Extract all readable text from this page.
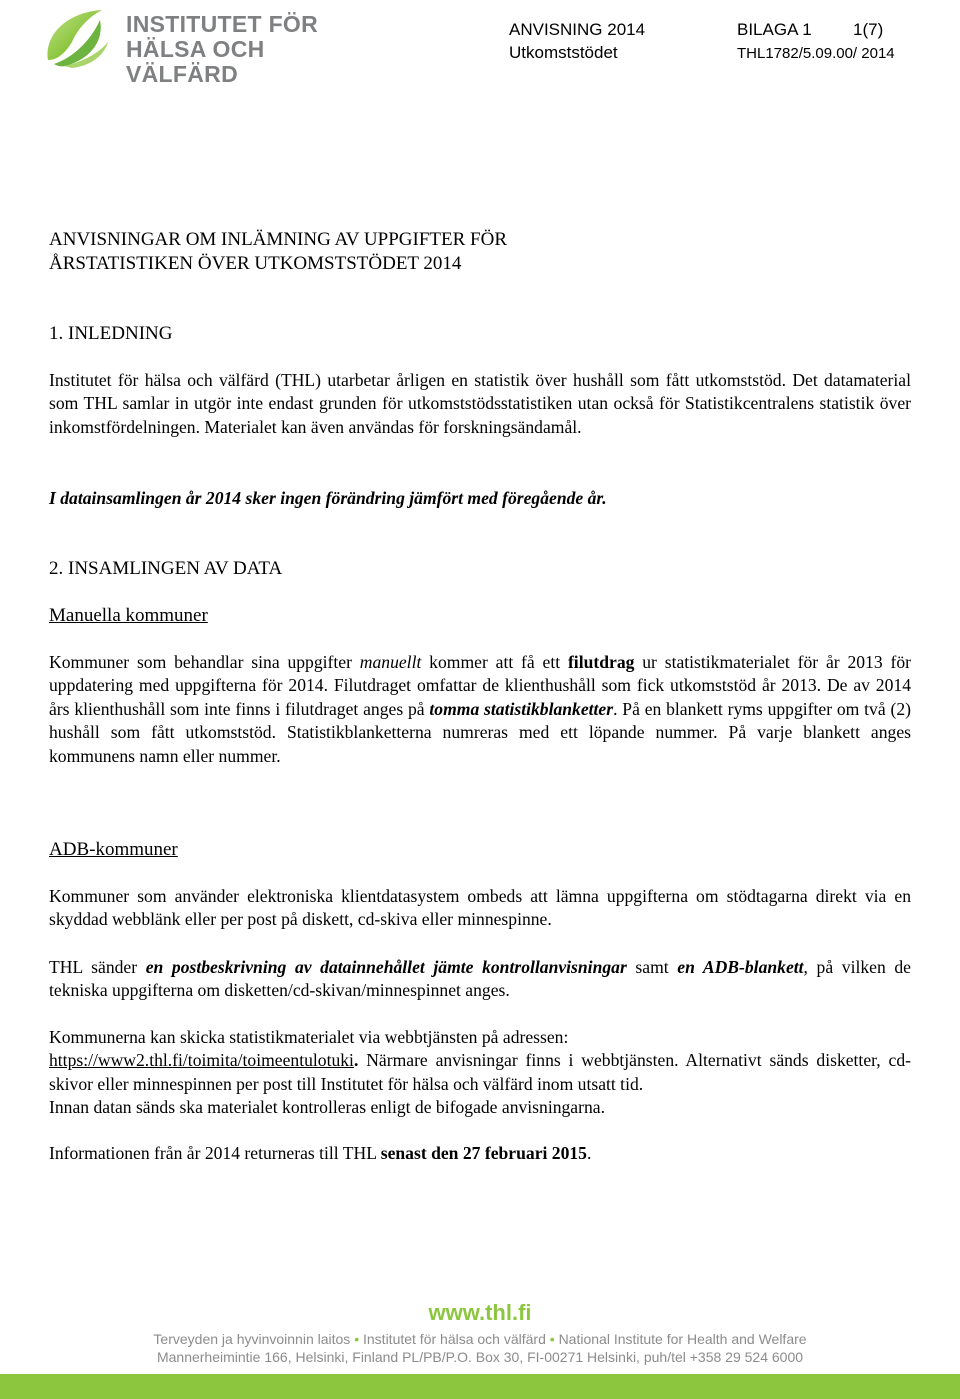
INSTITUTET FÖR
HÄLSA OCH VÄLFÄRD
ANVISNING 2014	BILAGA 1 1(7)
Utkomststödet	THL1782/5.09.00/ 2014
ANVISNINGAR OM INLÄMNING AV UPPGIFTER FÖR
ÅRSTATISTIKEN ÖVER UTKOMSTSTÖDET 2014
1. INLEDNING
Institutet för hälsa och välfärd (THL) utarbetar årligen en statistik över hushåll som fått utkomststöd. Det datamaterial som THL samlar in utgör inte endast grunden för utkomststödsstatistiken utan också för Statistikcentralens statistik över inkomstfördelningen. Materialet kan även användas för forskningsändamål.
I datainsamlingen år 2014 sker ingen förändring jämfört med föregående år.
2. INSAMLINGEN AV DATA
Manuella kommuner
Kommuner som behandlar sina uppgifter manuellt kommer att få ett filutdrag ur statistikmaterialet för år 2013 för uppdatering med uppgifterna för 2014. Filutdraget omfattar de klienthushåll som fick utkomststöd år 2013. De av 2014 års klienthushåll som inte finns i filutdraget anges på tomma statistikblanketter. På en blankett ryms uppgifter om två (2) hushåll som fått utkomststöd. Statistikblanketterna numreras med ett löpande nummer. På varje blankett anges kommunens namn eller nummer.
ADB-kommuner
Kommuner som använder elektroniska klientdatasystem ombeds att lämna uppgifterna om stödtagarna direkt via en skyddad webblänk eller per post på diskett, cd-skiva eller minnespinne.
THL sänder en postbeskrivning av datainnehållet jämte kontrollanvisningar samt en ADB-blankett, på vilken de tekniska uppgifterna om disketten/cd-skivan/minnespinnet anges.
Kommunerna kan skicka statistikmaterialet via webbtjänsten på adressen:
https://www2.thl.fi/toimita/toimeentulotuki. Närmare anvisningar finns i webbtjänsten. Alternativt sänds disketter, cd-skivor eller minnespinnen per post till Institutet för hälsa och välfärd inom utsatt tid.
Innan datan sänds ska materialet kontrolleras enligt de bifogade anvisningarna.
Informationen från år 2014 returneras till THL senast den 27 februari 2015.
www.thl.fi
Terveyden ja hyvinvoinnin laitos • Institutet för hälsa och välfärd • National Institute for Health and Welfare
Mannerheimintie 166, Helsinki, Finland PL/PB/P.O. Box 30, FI-00271 Helsinki, puh/tel +358 29 524 6000
